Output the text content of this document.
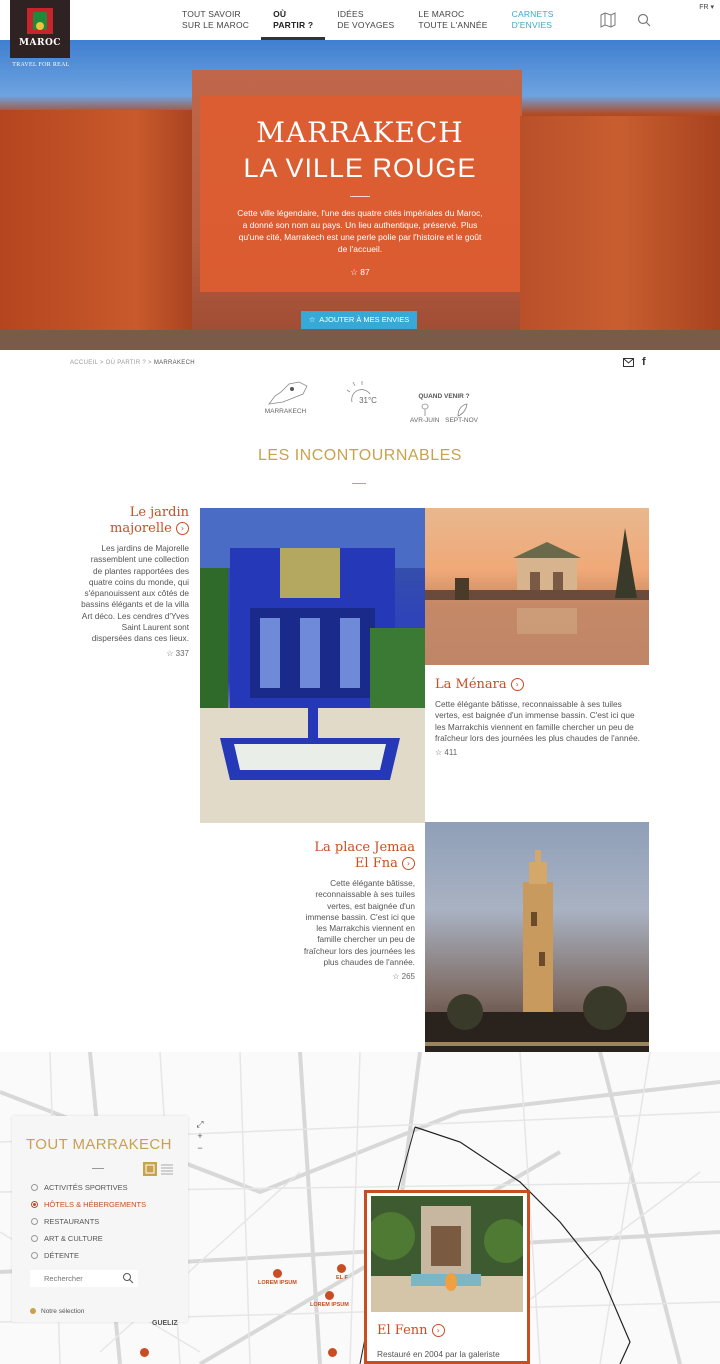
TOUT SAVOIR
SUR LE MAROC
OÙ
PARTIR ?
IDÉES
DE VOYAGES
LE MAROC
TOUTE L'ANNÉE
CARNETS
D'ENVIES
FR ▾
MAROC
TRAVEL FOR REAL
MARRAKECH
LA VILLE ROUGE
Cette ville légendaire, l'une des quatre cités impériales du Maroc, a donné son nom au pays. Un lieu authentique, préservé. Plus qu'une cité, Marrakech est une perle polie par l'histoire et le goût de l'accueil.
☆ 87
☆ AJOUTER À MES ENVIES
ACCUEIL > OÙ PARTIR ? > MARRAKECH	f
MARRAKECH
31°C	QUAND VENIR ?
AVR-JUIN SEPT-NOV
LES INCONTOURNABLES
Le jardin
majorelle ›
Les jardins de Majorelle rassemblent une collection de plantes rapportées des quatre coins du monde, qui s'épanouissent aux côtés de bassins élégants et de la villa Art déco. Les cendres d'Yves Saint Laurent sont dispersées dans ces lieux.
☆ 337
La Ménara ›
Cette élégante bâtisse, reconnaissable à ses tuiles vertes, est baignée d'un immense bassin. C'est ici que les Marrakchis viennent en famille chercher un peu de fraîcheur lors des journées les plus chaudes de l'année.
☆ 411
La place Jemaa
El Fna ›
Cette élégante bâtisse, reconnaissable à ses tuiles vertes, est baignée d'un immense bassin. C'est ici que les Marrakchis viennent en famille chercher un peu de fraîcheur lors des journées les plus chaudes de l'année.
☆ 265
TOUT MARRAKECH
ACTIVITÉS SPORTIVES
HÔTELS & HÉBERGEMENTS
RESTAURANTS
ART & CULTURE
DÉTENTE
Rechercher
Notre sélection
⤢
+
−
LOREM IPSUM
LOREM IPSUM
EL F
GUELIZ	El Fenn ›
Restauré en 2004 par la galeriste
